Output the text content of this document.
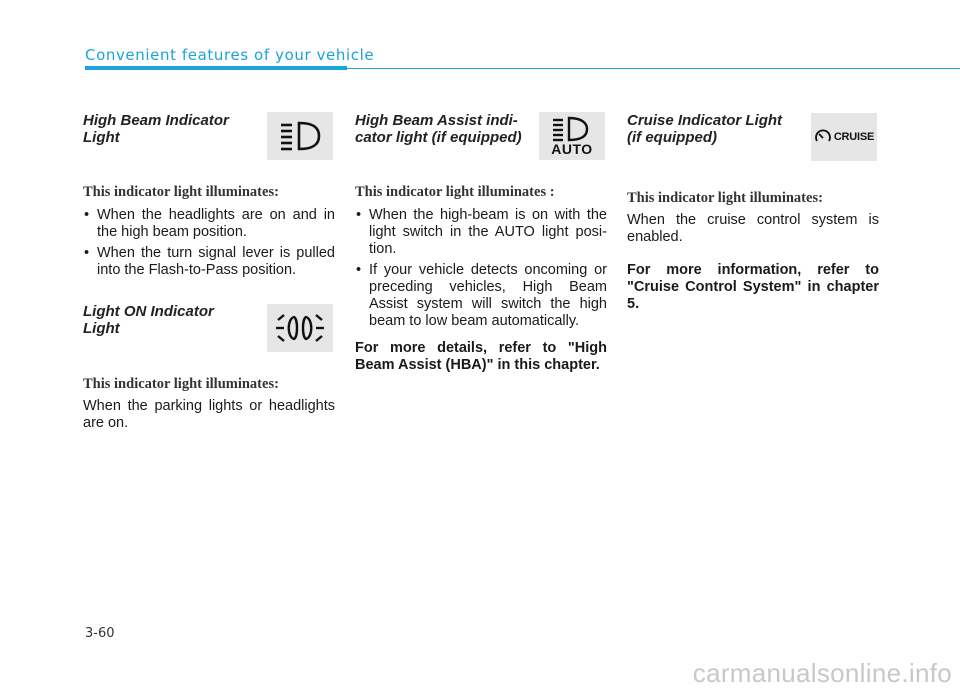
Convenient features of your vehicle
High Beam Indicator
Light

This indicator light illuminates:

• When the headlights are on and in the high beam position.

• When the turn signal lever is pulled into the Flash-to-Pass position.

Light ON Indicator
Light

This indicator light illuminates:

When the parking lights or headlights are on.

High Beam Assist indi-
cator light (if equipped)
AUTO

This indicator light illuminates :

• When the high-beam is on with the light switch in the AUTO light position.

• If your vehicle detects oncoming or preceding vehicles, High Beam Assist system will switch the high beam to low beam automatically.

For more details, refer to "High Beam Assist (HBA)" in this chapter.

Cruise Indicator Light
(if equipped)	CRUISE

This indicator light illuminates:

When the cruise control system is enabled.

For more information, refer to "Cruise Control System" in chapter 5.

3-60
carmanualsonline.info
